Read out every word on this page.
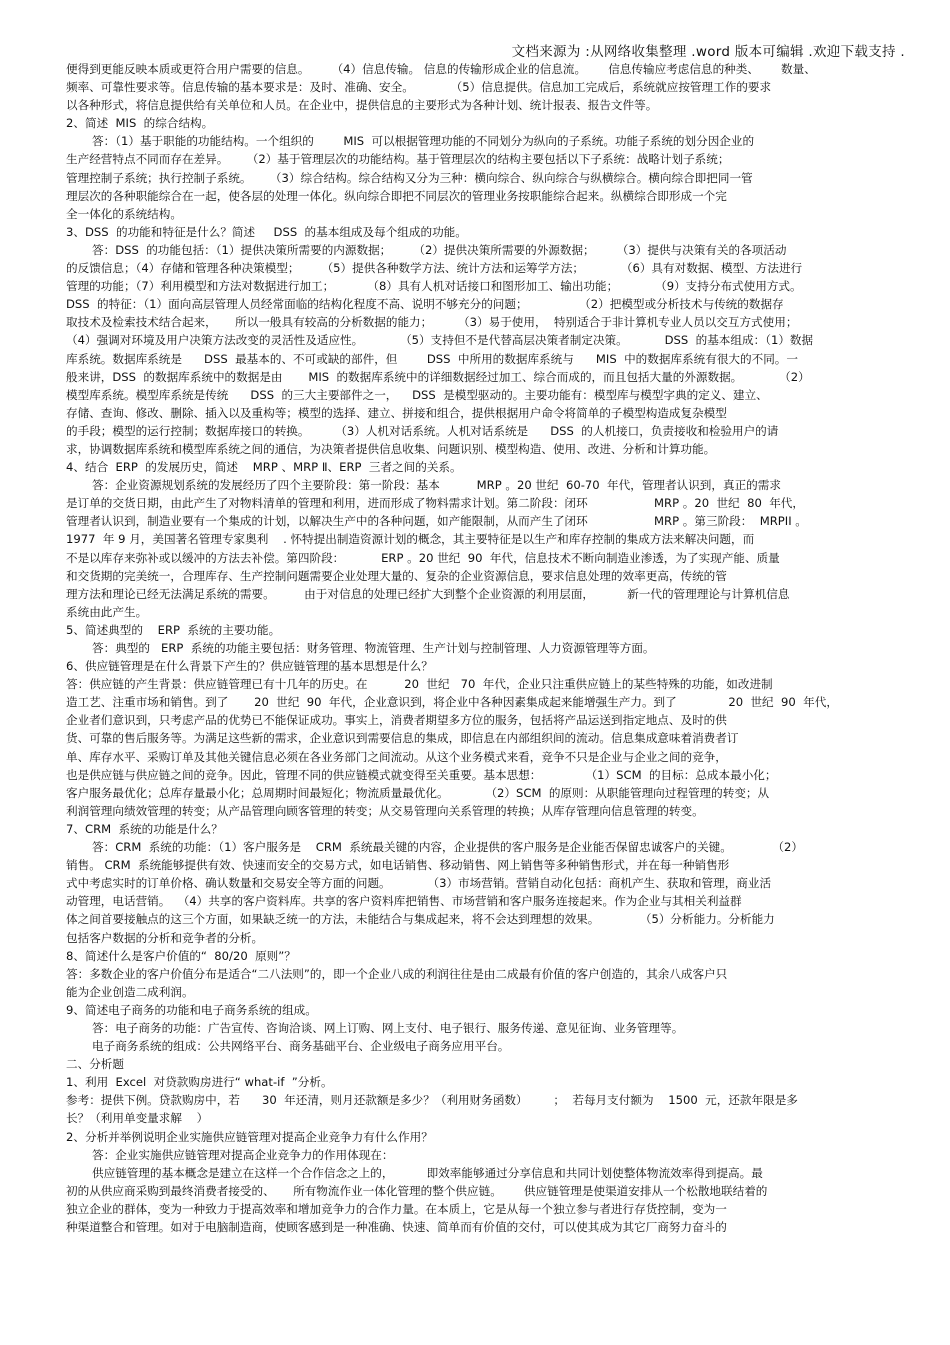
文档来源为 :从网络收集整理 .word 版本可编辑 .欢迎下载支持 .
便得到更能反映本质或更符合用户需要的信息。      （4）信息传输。 信息的传输形成企业的信息流。      信息传输应考虑信息的种类、      数量、
频率、可靠性要求等。信息传输的基本要求是：及时、准确、安全。          （5）信息提供。信息加工完成后，系统就应按管理工作的要求
以各种形式，将信息提供给有关单位和人员。在企业中，提供信息的主要形式为各种计划、统计报表、报告文件等。
2、简述  MIS  的综合结构。
答：（1）基于职能的功能结构。一个组织的        MIS  可以根据管理功能的不同划分为纵向的子系统。功能子系统的划分因企业的
生产经营特点不同而存在差异。     （2）基于管理层次的功能结构。基于管理层次的结构主要包括以下子系统：战略计划子系统；
管理控制子系统；执行控制子系统。     （3）综合结构。综合结构又分为三种：横向综合、纵向综合与纵横综合。横向综合即把同一管
理层次的各种职能综合在一起，使各层的处理一体化。纵向综合即把不同层次的管理业务按职能综合起来。纵横综合即形成一个完
全一体化的系统结构。
3、DSS  的功能和特征是什么？简述     DSS  的基本组成及每个组成的功能。
答：DSS  的功能包括：（1）提供决策所需要的内源数据；      （2）提供决策所需要的外源数据；      （3）提供与决策有关的各项活动
的反馈信息；（4）存储和管理各种决策模型；      （5）提供各种数学方法、统计方法和运筹学方法；          （6）具有对数据、模型、方法进行
管理的功能；（7）利用模型和方法对数据进行加工；         （8）具有人机对话接口和图形加工、输出功能；          （9）支持分布式使用方式。
DSS  的特征：（1）面向高层管理人员经常面临的结构化程度不高、说明不够充分的问题；              （2）把模型或分析技术与传统的数据存
取技术及检索技术结合起来，     所以一般具有较高的分析数据的能力；       （3）易于使用，  特别适合于非计算机专业人员以交互方式使用；
（4）强调对环境及用户决策方法改变的灵活性及适应性。          （5）支持但不是代替高层决策者制定决策。          DSS  的基本组成：（1）数据
库系统。数据库系统是      DSS  最基本的、不可或缺的部件，但        DSS  中所用的数据库系统与      MIS  中的数据库系统有很大的不同。一
般来讲，DSS  的数据库系统中的数据是由       MIS  的数据库系统中的详细数据经过加工、综合而成的，而且包括大量的外源数据。          （2）
模型库系统。模型库系统是传统      DSS  的三大主要部件之一，    DSS  是模型驱动的。主要功能有：模型库与模型字典的定义、建立、
存储、查询、修改、删除、插入以及重构等；模型的选择、建立、拼接和组合，提供根据用户命令将简单的子模型构造成复杂模型
的手段；模型的运行控制；数据库接口的转换。       （3）人机对话系统。人机对话系统是      DSS  的人机接口，负责接收和检验用户的请
求，协调数据库系统和模型库系统之间的通信，为决策者提供信息收集、问题识别、模型构造、使用、改进、分析和计算功能。
4、结合  ERP  的发展历史，简述    MRP 、MRP Ⅱ、ERP  三者之间的关系。
答：企业资源规划系统的发展经历了四个主要阶段：第一阶段：基本          MRP 。20 世纪  60-70  年代，管理者认识到，真正的需求
是订单的交货日期，由此产生了对物料清单的管理和利用，进而形成了物料需求计划。第二阶段：闭环                  MRP 。20  世纪  80  年代，
管理者认识到，制造业要有一个集成的计划，以解决生产中的各种问题，如产能限制，从而产生了闭环                  MRP 。第三阶段：  MRPII 。
1977  年 9 月，美国著名管理专家奥利    . 怀特提出制造资源计划的概念，其主要特征是以生产和库存控制的集成方法来解决问题，而
不是以库存来弥补或以缓冲的方法去补偿。第四阶段：          ERP 。20 世纪  90  年代，信息技术不断向制造业渗透，为了实现产能、质量
和交货期的完美统一，合理库存、生产控制问题需要企业处理大量的、复杂的企业资源信息，要求信息处理的效率更高，传统的管
理方法和理论已经无法满足系统的需要。        由于对信息的处理已经扩大到整个企业资源的利用层面，         新一代的管理理论与计算机信息
系统由此产生。
5、简述典型的    ERP  系统的主要功能。
答：典型的   ERP  系统的功能主要包括：财务管理、物流管理、生产计划与控制管理、人力资源管理等方面。
6、供应链管理是在什么背景下产生的？供应链管理的基本思想是什么？
答：供应链的产生背景：供应链管理已有十几年的历史。在          20  世纪   70  年代，企业只注重供应链上的某些特殊的功能，如改进制
造工艺、注重市场和销售。到了       20  世纪  90  年代，企业意识到，将企业中各种因素集成起来能增强生产力。到了              20  世纪  90  年代，
企业者们意识到，只考虑产品的优势已不能保证成功。事实上，消费者期望多方位的服务，包括将产品运送到指定地点、及时的供
货、可靠的售后服务等。为满足这些新的需求，企业意识到需要信息的集成，即信息在内部组织间的流动。信息集成意味着消费者订
单、库存水平、采购订单及其他关键信息必须在各业务部门之间流动。从这个业务模式来看，竞争不只是企业与企业之间的竞争，
也是供应链与供应链之间的竞争。因此，管理不同的供应链模式就变得至关重要。基本思想：            （1）SCM  的目标：总成本最小化；
客户服务最优化；总库存量最小化；总周期时间最短化；物流质量最优化。          （2）SCM  的原则：从职能管理向过程管理的转变；从
利润管理向绩效管理的转变；从产品管理向顾客管理的转变；从交易管理向关系管理的转换；从库存管理向信息管理的转变。
7、CRM  系统的功能是什么？
答：CRM  系统的功能：（1）客户服务是    CRM  系统最关键的内容，企业提供的客户服务是企业能否保留忠诚客户的关键。           （2）
销售。 CRM  系统能够提供有效、快速而安全的交易方式，如电话销售、移动销售、网上销售等多种销售形式，并在每一种销售形
式中考虑实时的订单价格、确认数量和交易安全等方面的问题。          （3）市场营销。营销自动化包括：商机产生、获取和管理，商业活
动管理，电话营销。  （4）共享的客户资料库。共享的客户资料库把销售、市场营销和客户服务连接起来。作为企业与其相关利益群
体之间首要接触点的这三个方面，如果缺乏统一的方法，未能结合与集成起来，将不会达到理想的效果。           （5）分析能力。分析能力
包括客户数据的分析和竞争者的分析。
8、简述什么是客户价值的“  80/20  原则”？
答：多数企业的客户价值分布是适合“二八法则”的，即一个企业八成的利润往往是由二成最有价值的客户创造的，其余八成客户只
能为企业创造二成利润。
9、简述电子商务的功能和电子商务系统的组成。
答：电子商务的功能：广告宣传、咨询洽谈、网上订购、网上支付、电子银行、服务传递、意见征询、业务管理等。
电子商务系统的组成：公共网络平台、商务基础平台、企业级电子商务应用平台。
二、分析题
1、利用  Excel  对贷款购房进行“ what-if  ”分析。
参考：提供下例。贷款购房中，若      30  年还清，则月还款额是多少？（利用财务函数）       ；  若每月支付额为    1500  元，还款年限是多
长？（利用单变量求解    ）
2、分析并举例说明企业实施供应链管理对提高企业竞争力有什么作用？
答：企业实施供应链管理对提高企业竞争力的作用体现在：
供应链管理的基本概念是建立在这样一个合作信念之上的，         即效率能够通过分享信息和共同计划使整体物流效率得到提高。最
初的从供应商采购到最终消费者接受的、     所有物流作业一体化管理的整个供应链。      供应链管理是使渠道安排从一个松散地联结着的
独立企业的群体，变为一种致力于提高效率和增加竞争力的合作力量。在本质上，它是从每一个独立参与者进行存货控制，变为一
种渠道整合和管理。如对于电脑制造商，使顾客感到是一种准确、快速、简单而有价值的交付，可以使其成为其它厂商努力奋斗的
